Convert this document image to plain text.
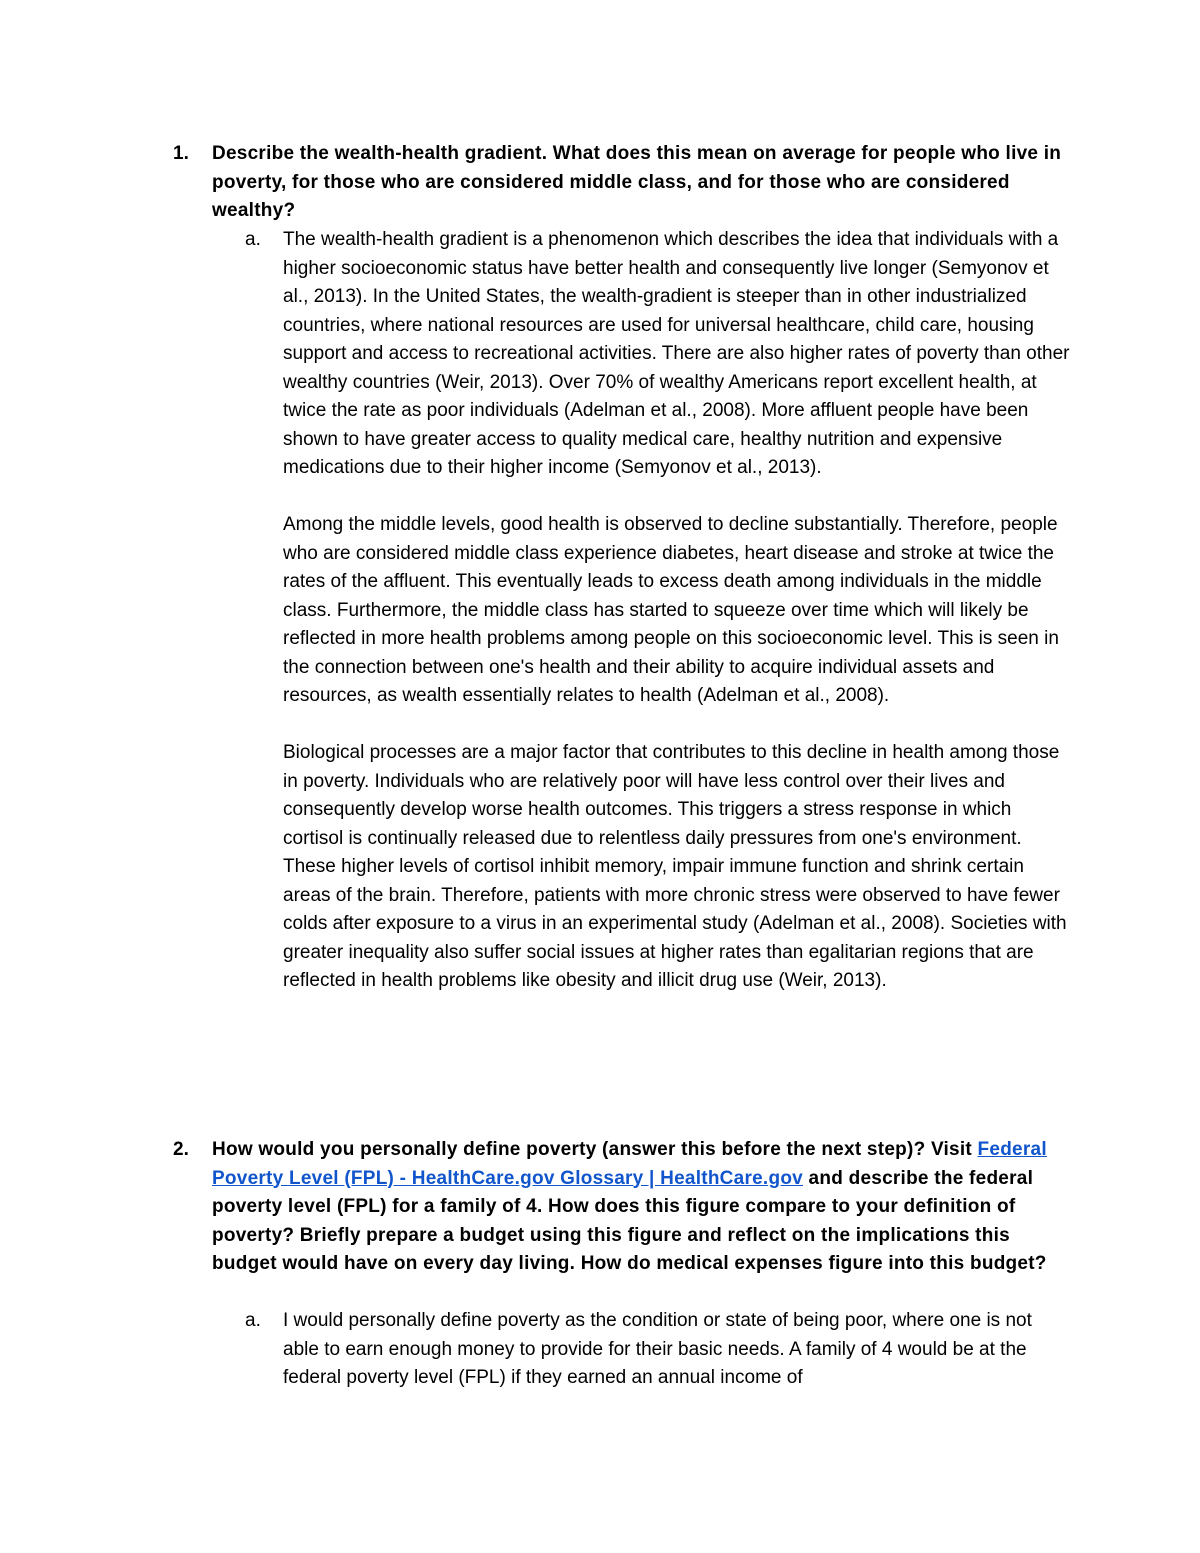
1. Describe the wealth-health gradient. What does this mean on average for people who live in poverty, for those who are considered middle class, and for those who are considered wealthy?
a. The wealth-health gradient is a phenomenon which describes the idea that individuals with a higher socioeconomic status have better health and consequently live longer (Semyonov et al., 2013). In the United States, the wealth-gradient is steeper than in other industrialized countries, where national resources are used for universal healthcare, child care, housing support and access to recreational activities. There are also higher rates of poverty than other wealthy countries (Weir, 2013). Over 70% of wealthy Americans report excellent health, at twice the rate as poor individuals (Adelman et al., 2008). More affluent people have been shown to have greater access to quality medical care, healthy nutrition and expensive medications due to their higher income (Semyonov et al., 2013).

Among the middle levels, good health is observed to decline substantially. Therefore, people who are considered middle class experience diabetes, heart disease and stroke at twice the rates of the affluent. This eventually leads to excess death among individuals in the middle class. Furthermore, the middle class has started to squeeze over time which will likely be reflected in more health problems among people on this socioeconomic level. This is seen in the connection between one's health and their ability to acquire individual assets and resources, as wealth essentially relates to health (Adelman et al., 2008).

Biological processes are a major factor that contributes to this decline in health among those in poverty. Individuals who are relatively poor will have less control over their lives and consequently develop worse health outcomes. This triggers a stress response in which cortisol is continually released due to relentless daily pressures from one's environment. These higher levels of cortisol inhibit memory, impair immune function and shrink certain areas of the brain. Therefore, patients with more chronic stress were observed to have fewer colds after exposure to a virus in an experimental study (Adelman et al., 2008). Societies with greater inequality also suffer social issues at higher rates than egalitarian regions that are reflected in health problems like obesity and illicit drug use (Weir, 2013).

2. How would you personally define poverty (answer this before the next step)? Visit Federal Poverty Level (FPL) - HealthCare.gov Glossary | HealthCare.gov and describe the federal poverty level (FPL) for a family of 4. How does this figure compare to your definition of poverty? Briefly prepare a budget using this figure and reflect on the implications this budget would have on every day living. How do medical expenses figure into this budget?
a. I would personally define poverty as the condition or state of being poor, where one is not able to earn enough money to provide for their basic needs. A family of 4 would be at the federal poverty level (FPL) if they earned an annual income of
